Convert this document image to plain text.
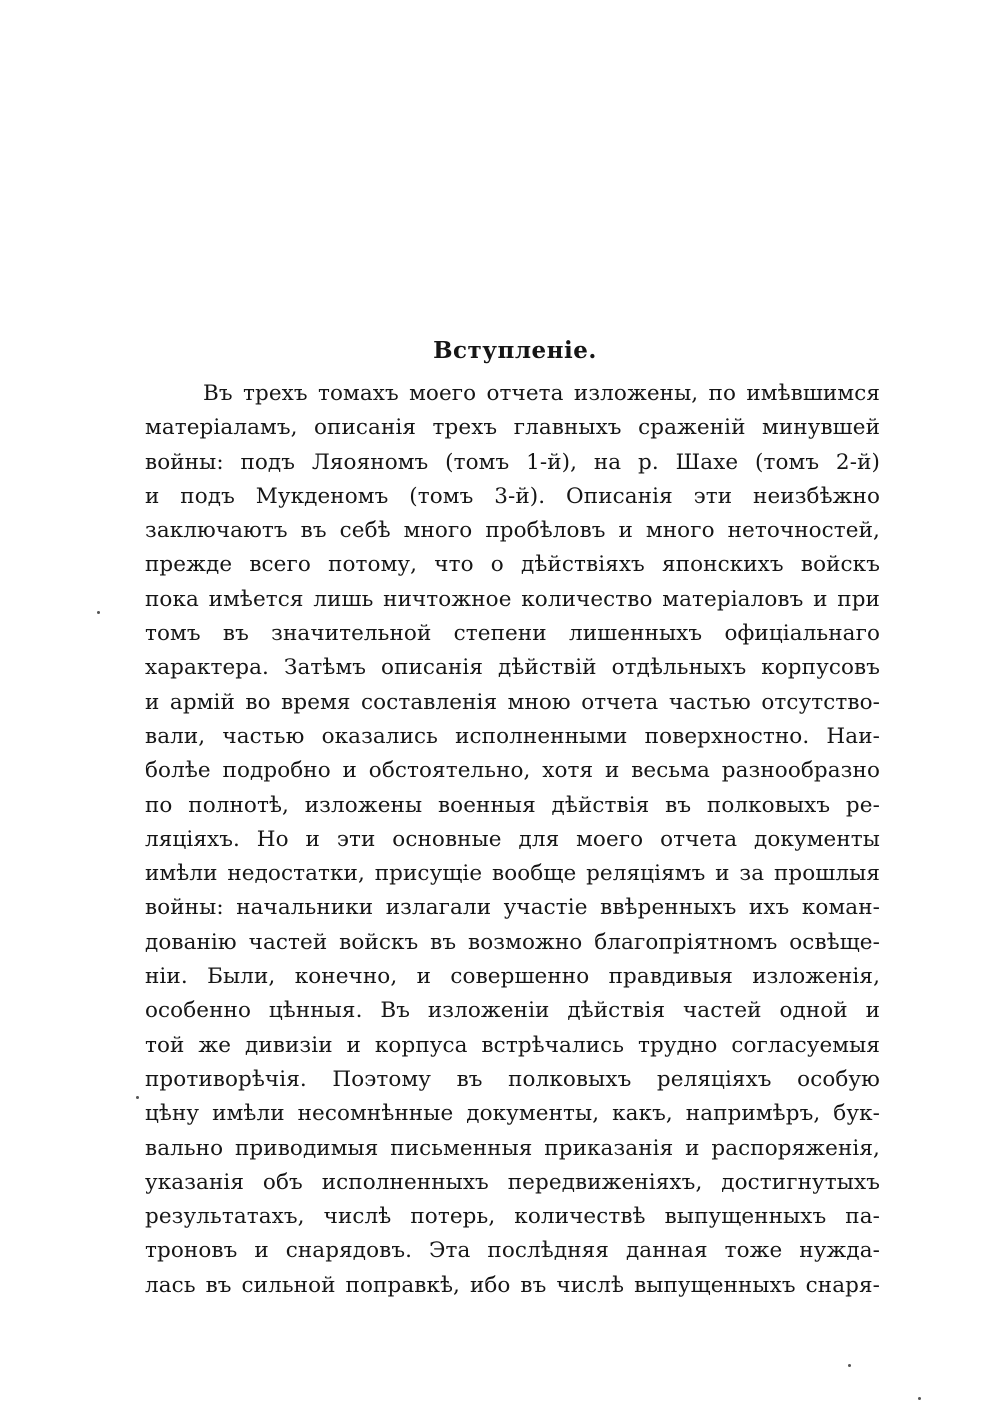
Вступленіе.
Въ трехъ томахъ моего отчета изложены, по имѣвшимся
матеріаламъ, описанія трехъ главныхъ сраженій минувшей
войны: подъ Ляояномъ (томъ 1-й), на р. Шахе (томъ 2-й)
и подъ Мукденомъ (томъ 3-й). Описанія эти неизбѣжно
заключаютъ въ себѣ много пробѣловъ и много неточностей,
прежде всего потому, что о дѣйствіяхъ японскихъ войскъ
пока имѣется лишь ничтожное количество матеріаловъ и при
томъ въ значительной степени лишенныхъ офиціальнаго
характера. Затѣмъ описанія дѣйствій отдѣльныхъ корпусовъ
и армій во время составленія мною отчета частью отсутство-
вали, частью оказались исполненными поверхностно. Наи-
болѣе подробно и обстоятельно, хотя и весьма разнообразно
по полнотѣ, изложены военныя дѣйствія въ полковыхъ ре-
ляціяхъ. Но и эти основные для моего отчета документы
имѣли недостатки, присущіе вообще реляціямъ и за прошлыя
войны: начальники излагали участіе ввѣренныхъ ихъ коман-
дованію частей войскъ въ возможно благопріятномъ освѣще-
ніи. Были, конечно, и совершенно правдивыя изложенія,
особенно цѣнныя. Въ изложеніи дѣйствія частей одной и
той же дивизіи и корпуса встрѣчались трудно согласуемыя
противорѣчія. Поэтому въ полковыхъ реляціяхъ особую
цѣну имѣли несомнѣнные документы, какъ, напримѣръ, бук-
вально приводимыя письменныя приказанія и распоряженія,
указанія объ исполненныхъ передвиженіяхъ, достигнутыхъ
результатахъ, числѣ потерь, количествѣ выпущенныхъ па-
троновъ и снарядовъ. Эта послѣдняя данная тоже нужда-
лась въ сильной поправкѣ, ибо въ числѣ выпущенныхъ снаря-
